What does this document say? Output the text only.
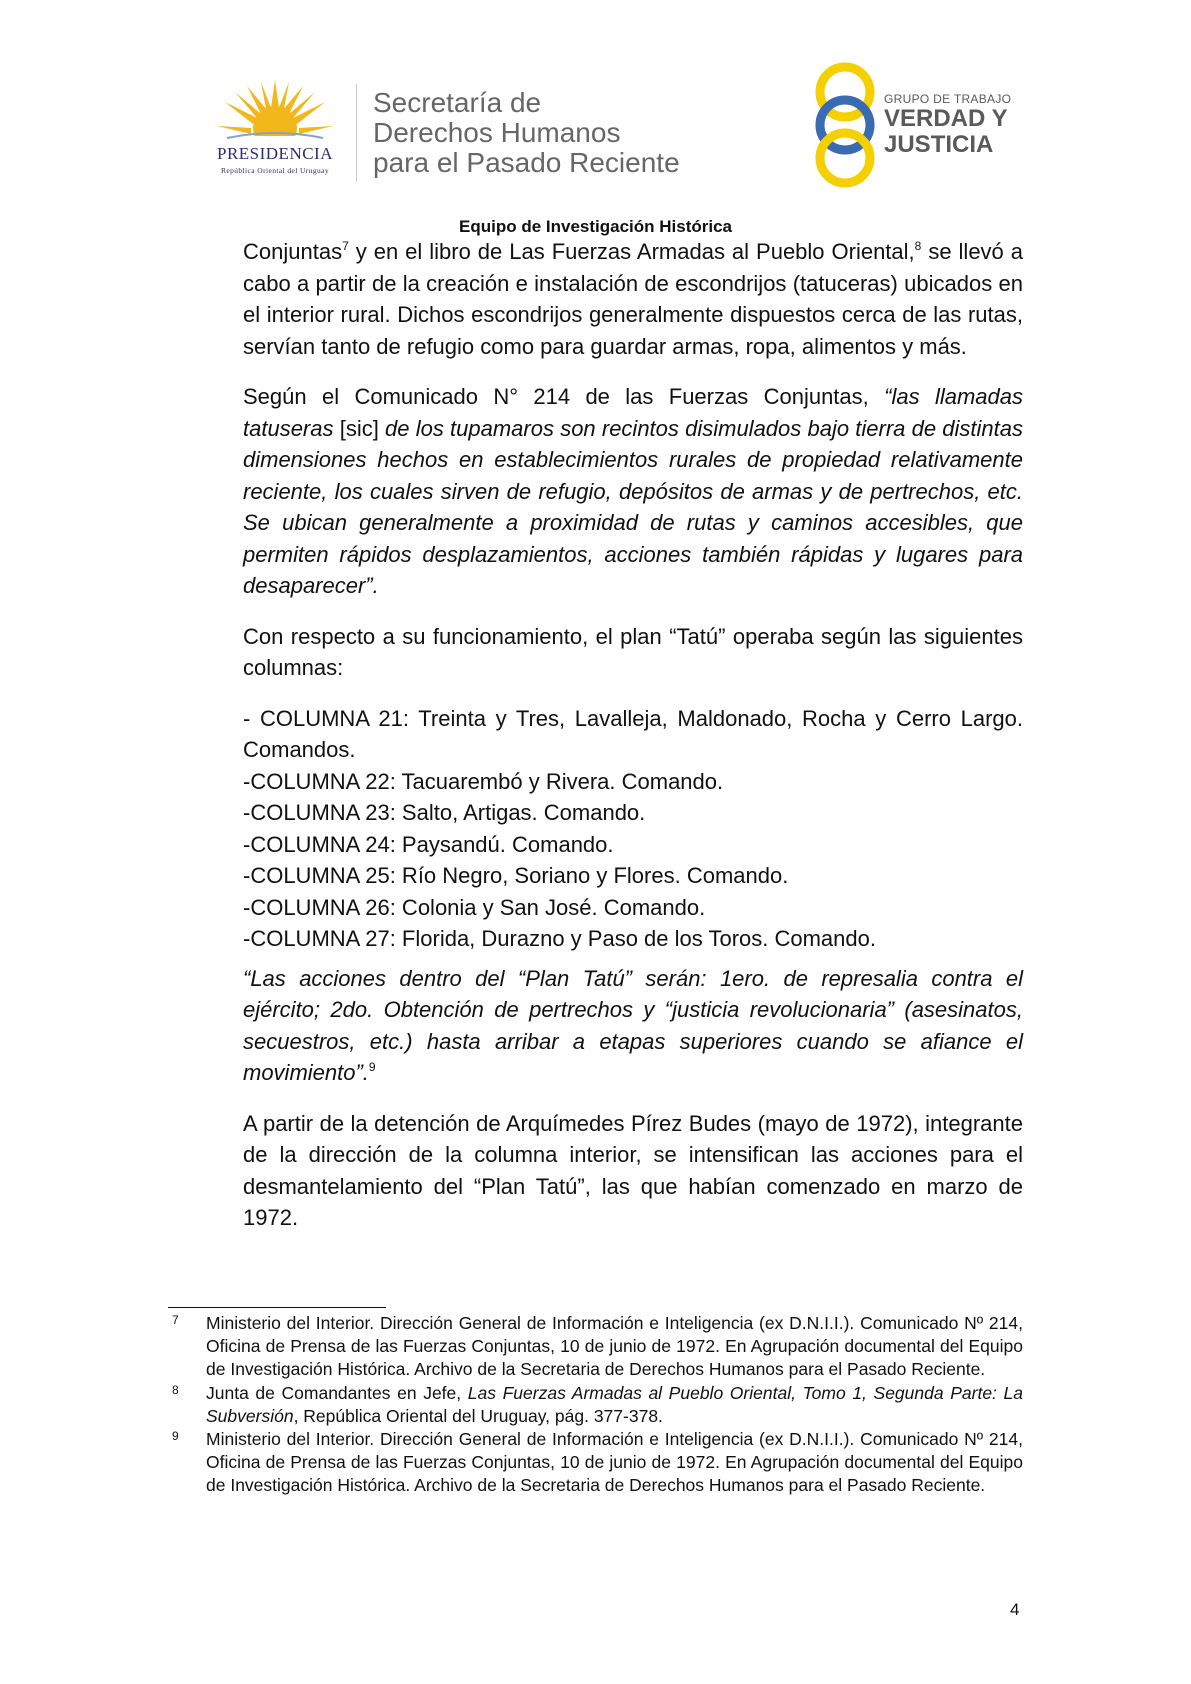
PRESIDENCIA
República Oriental del Uruguay
Secretaría de
Derechos Humanos
para el Pasado Reciente
GRUPO DE TRABAJO
VERDAD Y
JUSTICIA
Equipo de Investigación Histórica

Conjuntas$^7$ y en el libro de Las Fuerzas Armadas al Pueblo Oriental,$^8$ se llevó a cabo a partir de la creación e instalación de escondrijos (tatuceras) ubicados en el interior rural. Dichos escondrijos generalmente dispuestos cerca de las rutas, servían tanto de refugio como para guardar armas, ropa, alimentos y más.

Según el Comunicado N° 214 de las Fuerzas Conjuntas, “las llamadas tatuseras [sic] de los tupamaros son recintos disimulados bajo tierra de distintas dimensiones hechos en establecimientos rurales de propiedad relativamente reciente, los cuales sirven de refugio, depósitos de armas y de pertrechos, etc. Se ubican generalmente a proximidad de rutas y caminos accesibles, que permiten rápidos desplazamientos, acciones también rápidas y lugares para desaparecer”.

Con respecto a su funcionamiento, el plan “Tatú” operaba según las siguientes columnas:

- COLUMNA 21: Treinta y Tres, Lavalleja, Maldonado, Rocha y Cerro Largo. Comandos.

-COLUMNA 22: Tacuarembó y Rivera. Comando.

-COLUMNA 23: Salto, Artigas. Comando.

-COLUMNA 24: Paysandú. Comando.

-COLUMNA 25: Río Negro, Soriano y Flores. Comando.

-COLUMNA 26: Colonia y San José. Comando.

-COLUMNA 27: Florida, Durazno y Paso de los Toros. Comando.

“Las acciones dentro del “Plan Tatú” serán: 1ero. de represalia contra el ejército; 2do. Obtención de pertrechos y “justicia revolucionaria” (asesinatos, secuestros, etc.) hasta arribar a etapas superiores cuando se afiance el movimiento”.$^9$

A partir de la detención de Arquímedes Pírez Budes (mayo de 1972), integrante de la dirección de la columna interior, se intensifican las acciones para el desmantelamiento del “Plan Tatú”, las que habían comenzado en marzo de 1972.

7 Ministerio del Interior. Dirección General de Información e Inteligencia (ex D.N.I.I.). Comunicado Nº 214, Oficina de Prensa de las Fuerzas Conjuntas, 10 de junio de 1972. En Agrupación documental del Equipo de Investigación Histórica. Archivo de la Secretaria de Derechos Humanos para el Pasado Reciente.
8 Junta de Comandantes en Jefe, Las Fuerzas Armadas al Pueblo Oriental, Tomo 1, Segunda Parte: La Subversión, República Oriental del Uruguay, pág. 377-378.
9 Ministerio del Interior. Dirección General de Información e Inteligencia (ex D.N.I.I.). Comunicado Nº 214, Oficina de Prensa de las Fuerzas Conjuntas, 10 de junio de 1972. En Agrupación documental del Equipo de Investigación Histórica. Archivo de la Secretaria de Derechos Humanos para el Pasado Reciente.
4
